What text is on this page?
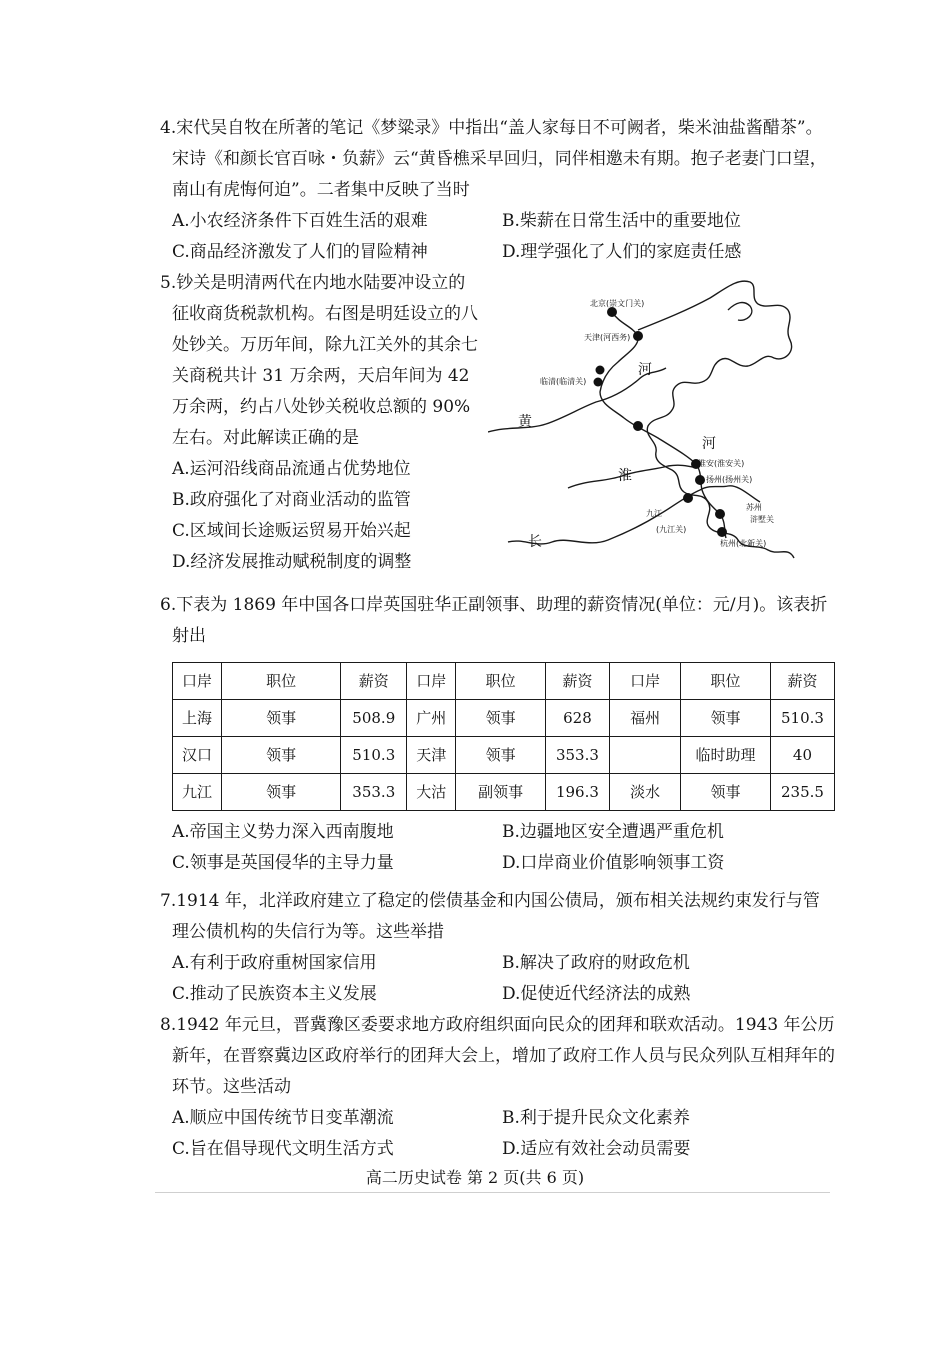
4.宋代吴自牧在所著的笔记《梦粱录》中指出“盖人家每日不可阙者，柴米油盐酱醋茶”。宋诗《和颜长官百咏・负薪》云“黄昏樵采早回归，同伴相邀未有期。抱子老妻门口望，南山有虎悔何迫”。二者集中反映了当时
A.小农经济条件下百姓生活的艰难	B.柴薪在日常生活中的重要地位
C.商品经济激发了人们的冒险精神	D.理学强化了人们的家庭责任感
5.钞关是明清两代在内地水陆要冲设立的征收商货税款机构。右图是明廷设立的八处钞关。万历年间，除九江关外的其余七关商税共计 31 万余两，天启年间为 42 万余两，约占八处钞关税收总额的 90%左右。对此解读正确的是
A.运河沿线商品流通占优势地位
B.政府强化了对商业活动的监管
C.区域间长途贩运贸易开始兴起
D.经济发展推动赋税制度的调整
北京(崇文门关)
天津(河西务)
临清(临清关)
淮安(淮安关)
扬州(扬州关)
九江
(九江关)
苏州
浒墅关
杭州(北新关)
河
河
黄
淮
长
6.下表为 1869 年中国各口岸英国驻华正副领事、助理的薪资情况(单位：元/月)。该表折射出
口岸	职位	薪资	口岸	职位	薪资	口岸	职位	薪资
上海	领事	508.9	广州	领事	628	福州	领事	510.3
汉口	领事	510.3	天津	领事	353.3		临时助理	40
九江	领事	353.3	大沽	副领事	196.3	淡水	领事	235.5
A.帝国主义势力深入西南腹地	B.边疆地区安全遭遇严重危机
C.领事是英国侵华的主导力量	D.口岸商业价值影响领事工资
7.1914 年，北洋政府建立了稳定的偿债基金和内国公债局，颁布相关法规约束发行与管理公债机构的失信行为等。这些举措
A.有利于政府重树国家信用	B.解决了政府的财政危机
C.推动了民族资本主义发展	D.促使近代经济法的成熟
8.1942 年元旦，晋冀豫区委要求地方政府组织面向民众的团拜和联欢活动。1943 年公历新年，在晋察冀边区政府举行的团拜大会上，增加了政府工作人员与民众列队互相拜年的环节。这些活动
A.顺应中国传统节日变革潮流	B.利于提升民众文化素养
C.旨在倡导现代文明生活方式	D.适应有效社会动员需要
高二历史试卷 第 2 页(共 6 页)
